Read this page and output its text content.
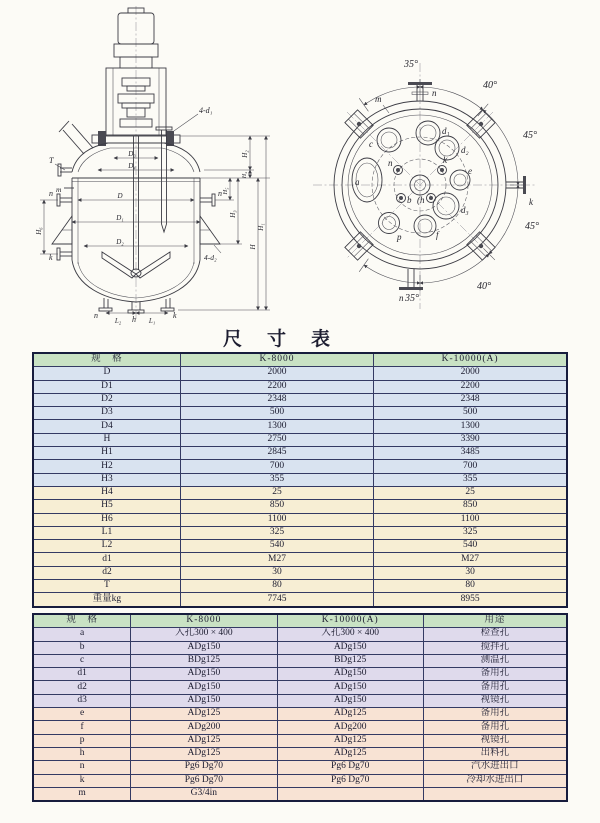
4-d₁
T
m
n	n
k	4-d₂
D₃
D₄
D
D₁
D₂
H₆
H₅
H₃
H₂
H₄
H
H₁
n
L₂ h L₁
k
35°
40°
45°
45°
40°
35°
m
n
c
d₁
d₂
a
n	k
e
b (h
d₃
p	f
n
k
尺　寸　表
规　格	K-8000	K-10000(A)
D	2000	2000
D1	2200	2200
D2	2348	2348
D3	500	500
D4	1300	1300
H	2750	3390
H1	2845	3485
H2	700	700
H3	355	355
H4	25	25
H5	850	850
H6	1100	1100
L1	325	325
L2	540	540
d1	M27	M27
d2	30	30
T	80	80
重量kg	7745	8955
规　格	K-8000	K-10000(A)	用途
a	入孔300 × 400	入孔300 × 400	检查孔
b	ADg150	ADg150	搅拌孔
c	BDg125	BDg125	测温孔
d1	ADg150	ADg150	备用孔
d2	ADg150	ADg150	备用孔
d3	ADg150	ADg150	视镜孔
e	ADg125	ADg125	备用孔
f	ADg200	ADg200	备用孔
p	ADg125	ADg125	视镜孔
h	ADg125	ADg125	出料孔
n	Pg6 Dg70	Pg6 Dg70	汽水进出口
k	Pg6 Dg70	Pg6 Dg70	冷却水进出口
m	G3/4in		
